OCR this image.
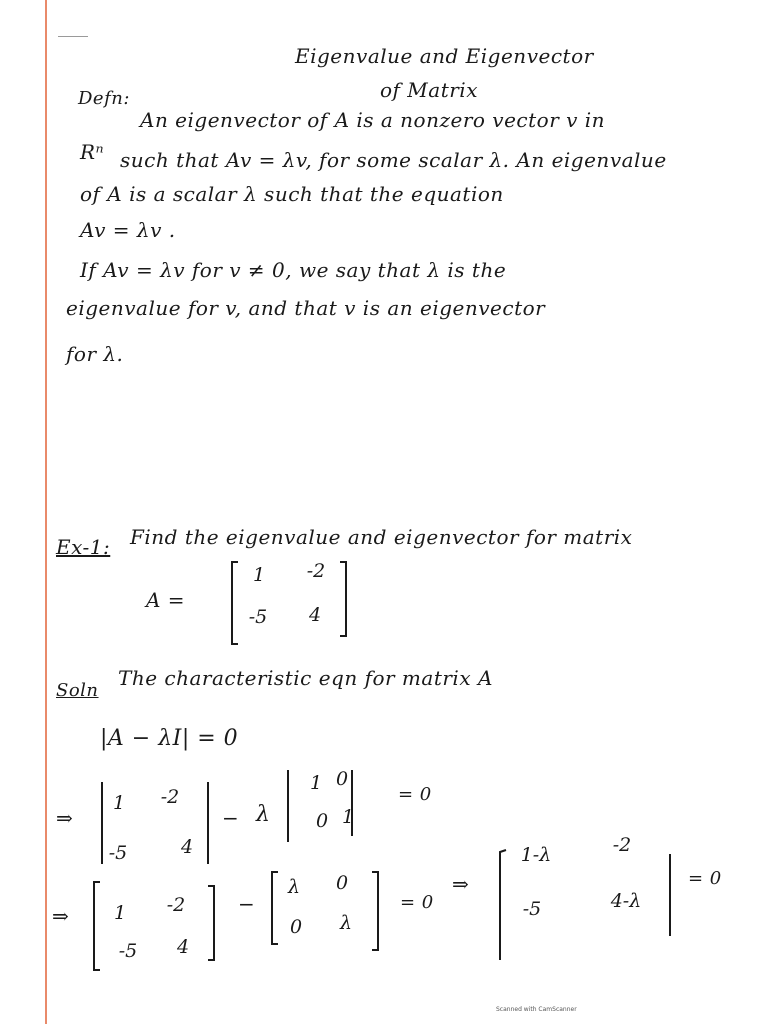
Eigenvalue and Eigenvector
of Matrix
Defn:
An eigenvector of A is a nonzero vector v in
Rⁿ such that Av = λv, for some scalar λ. An eigenvalue
of A is a scalar λ such that the equation
Av = λv .
If Av = λv for v ≠ 0, we say that λ is the
eigenvalue for v, and that v is an eigenvector
for λ.
Ex-1: Find the eigenvalue and eigenvector for matrix
A =
1	-2
-5	4
Soln
The characteristic eqn for matrix A
|A − λI| = 0
⇒
1	-2
-5	4
− λ
1 0
0 1
= 0
⇒	1	-2
-5	4
−
λ	0
0	λ
= 0
⇒
1-λ	-2
-5	4-λ
= 0
Scanned with CamScanner
